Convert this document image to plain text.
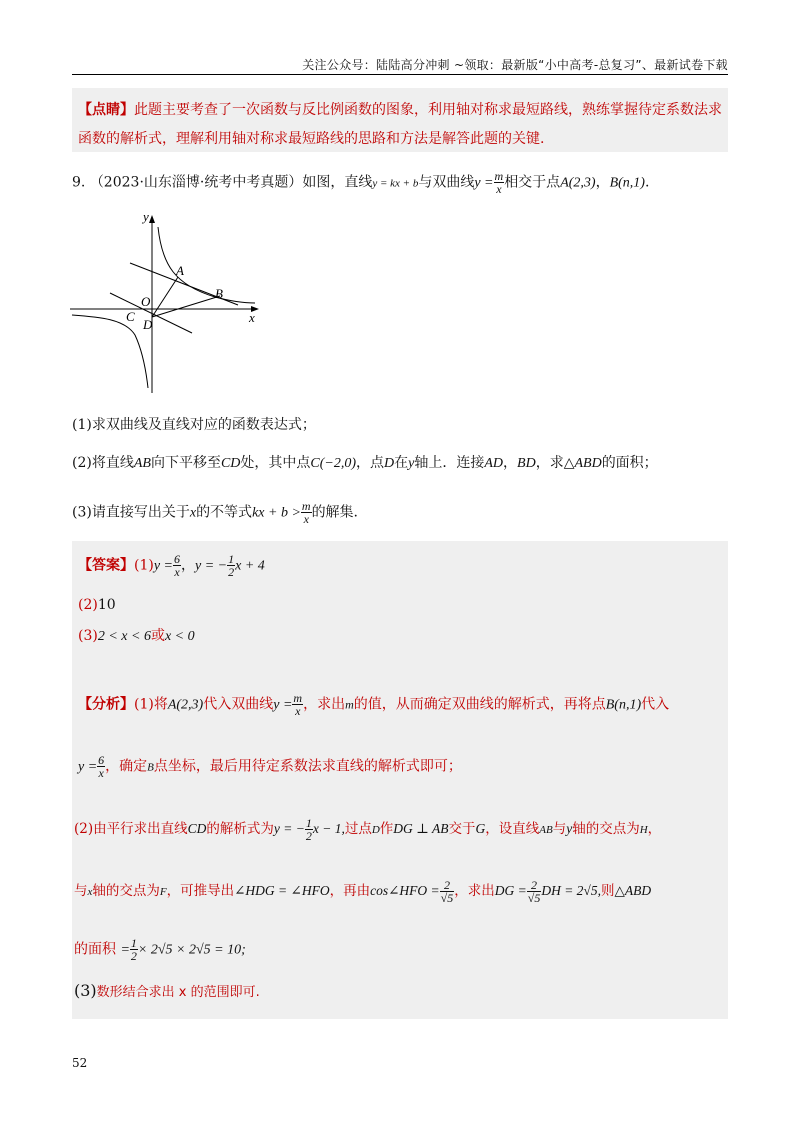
关注公众号：陆陆高分冲刺 ~领取：最新版“小中高考-总复习”、最新试卷下载
【点睛】此题主要考查了一次函数与反比例函数的图象，利用轴对称求最短路线，熟练掌握待定系数法求
函数的解析式，理解利用轴对称求最短路线的思路和方法是解答此题的关键.
9. （2023·山东淄博·统考中考真题）如图，直线y = kx + b与双曲线$y = \frac{m}{x}$ 相交于点A(2,3)，B(n,1).
y
x
O
A
B
C
D
(1)求双曲线及直线对应的函数表达式；
(2)将直线AB向下平移至CD处，其中点C(−2,0)，点D在y轴上．连接AD，BD，求△ABD的面积；
(3)请直接写出关于x的不等式kx + $b > \frac{m}{x}$ 的解集.
【答案】$(1)y = \frac{6}{x}$ ，y = − $\frac{1}{2}$ x + 4
(2)10
(3)2 < x < 6或x < 0
【分析】(1)将A(2,3)代入双曲线$y = \frac{m}{x}$ ，求出m的值，从而确定双曲线的解析式，再将点B(n,1)代入
$y = \frac{6}{x}$ ，确定B点坐标，最后用待定系数法求直线的解析式即可；
(2)由平行求出直线CD的解析式为y = − $\frac{1}{2}$ x − 1,过点D作DG ⊥ AB交于G，设直线AB与y轴的交点为H，
与x轴的交点为F，可推导出∠HDG = ∠HFO，再由cos∠HFO = $\frac{2}{√5}$ ，求出DG = $\frac{2}{√5}$ DH = 2√5,则△ABD
的面积 = $\frac{1}{2} \times 2√5 \times 2√5 = 10$;
(3)数形结合求出 x 的范围即可.
52
